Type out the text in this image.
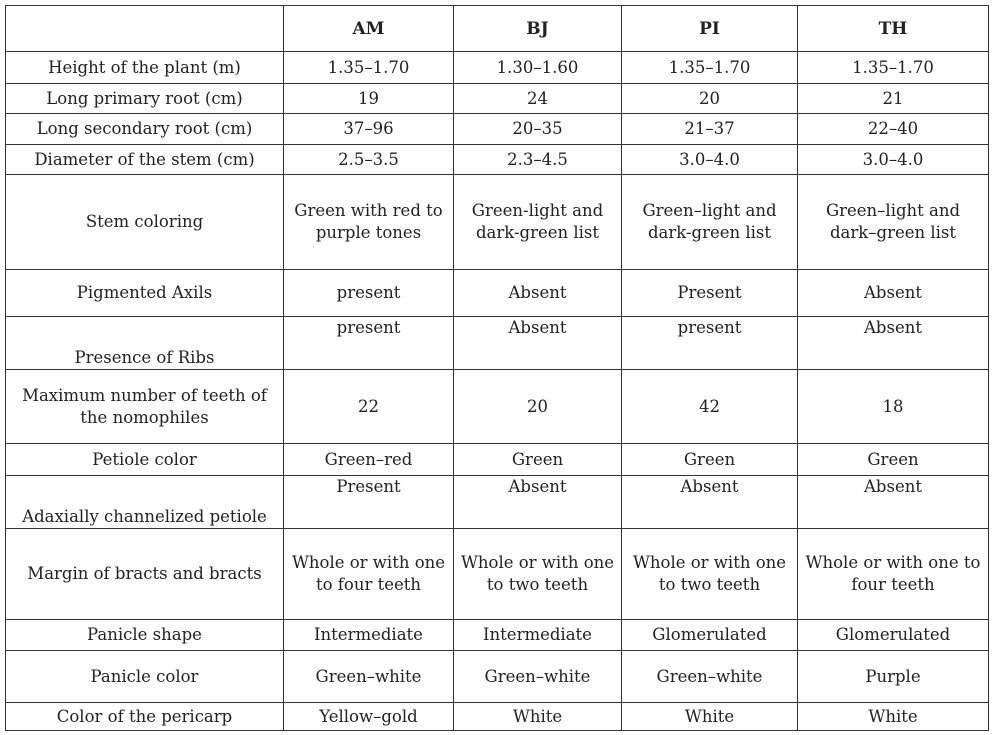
	AM	BJ	PI	TH
Height of the plant (m)	1.35–1.70	1.30–1.60	1.35–1.70	1.35–1.70
Long primary root (cm)	19	24	20	21
Long secondary root (cm)	37–96	20–35	21–37	22–40
Diameter of the stem (cm)	2.5–3.5	2.3–4.5	3.0–4.0	3.0–4.0
Stem coloring	Green with red to purple tones	Green-light and dark-green list	Green–light and dark-green list	Green–light and dark–green list
Pigmented Axils	present	Absent	Present	Absent
Presence of Ribs	present	Absent	present	Absent
Maximum number of teeth of the nomophiles	22	20	42	18
Petiole color	Green–red	Green	Green	Green
Adaxially channelized petiole	Present	Absent	Absent	Absent
Margin of bracts and bracts	Whole or with one to four teeth	Whole or with one to two teeth	Whole or with one to two teeth	Whole or with one to four teeth
Panicle shape	Intermediate	Intermediate	Glomerulated	Glomerulated
Panicle color	Green–white	Green–white	Green–white	Purple
Color of the pericarp	Yellow–gold	White	White	White
